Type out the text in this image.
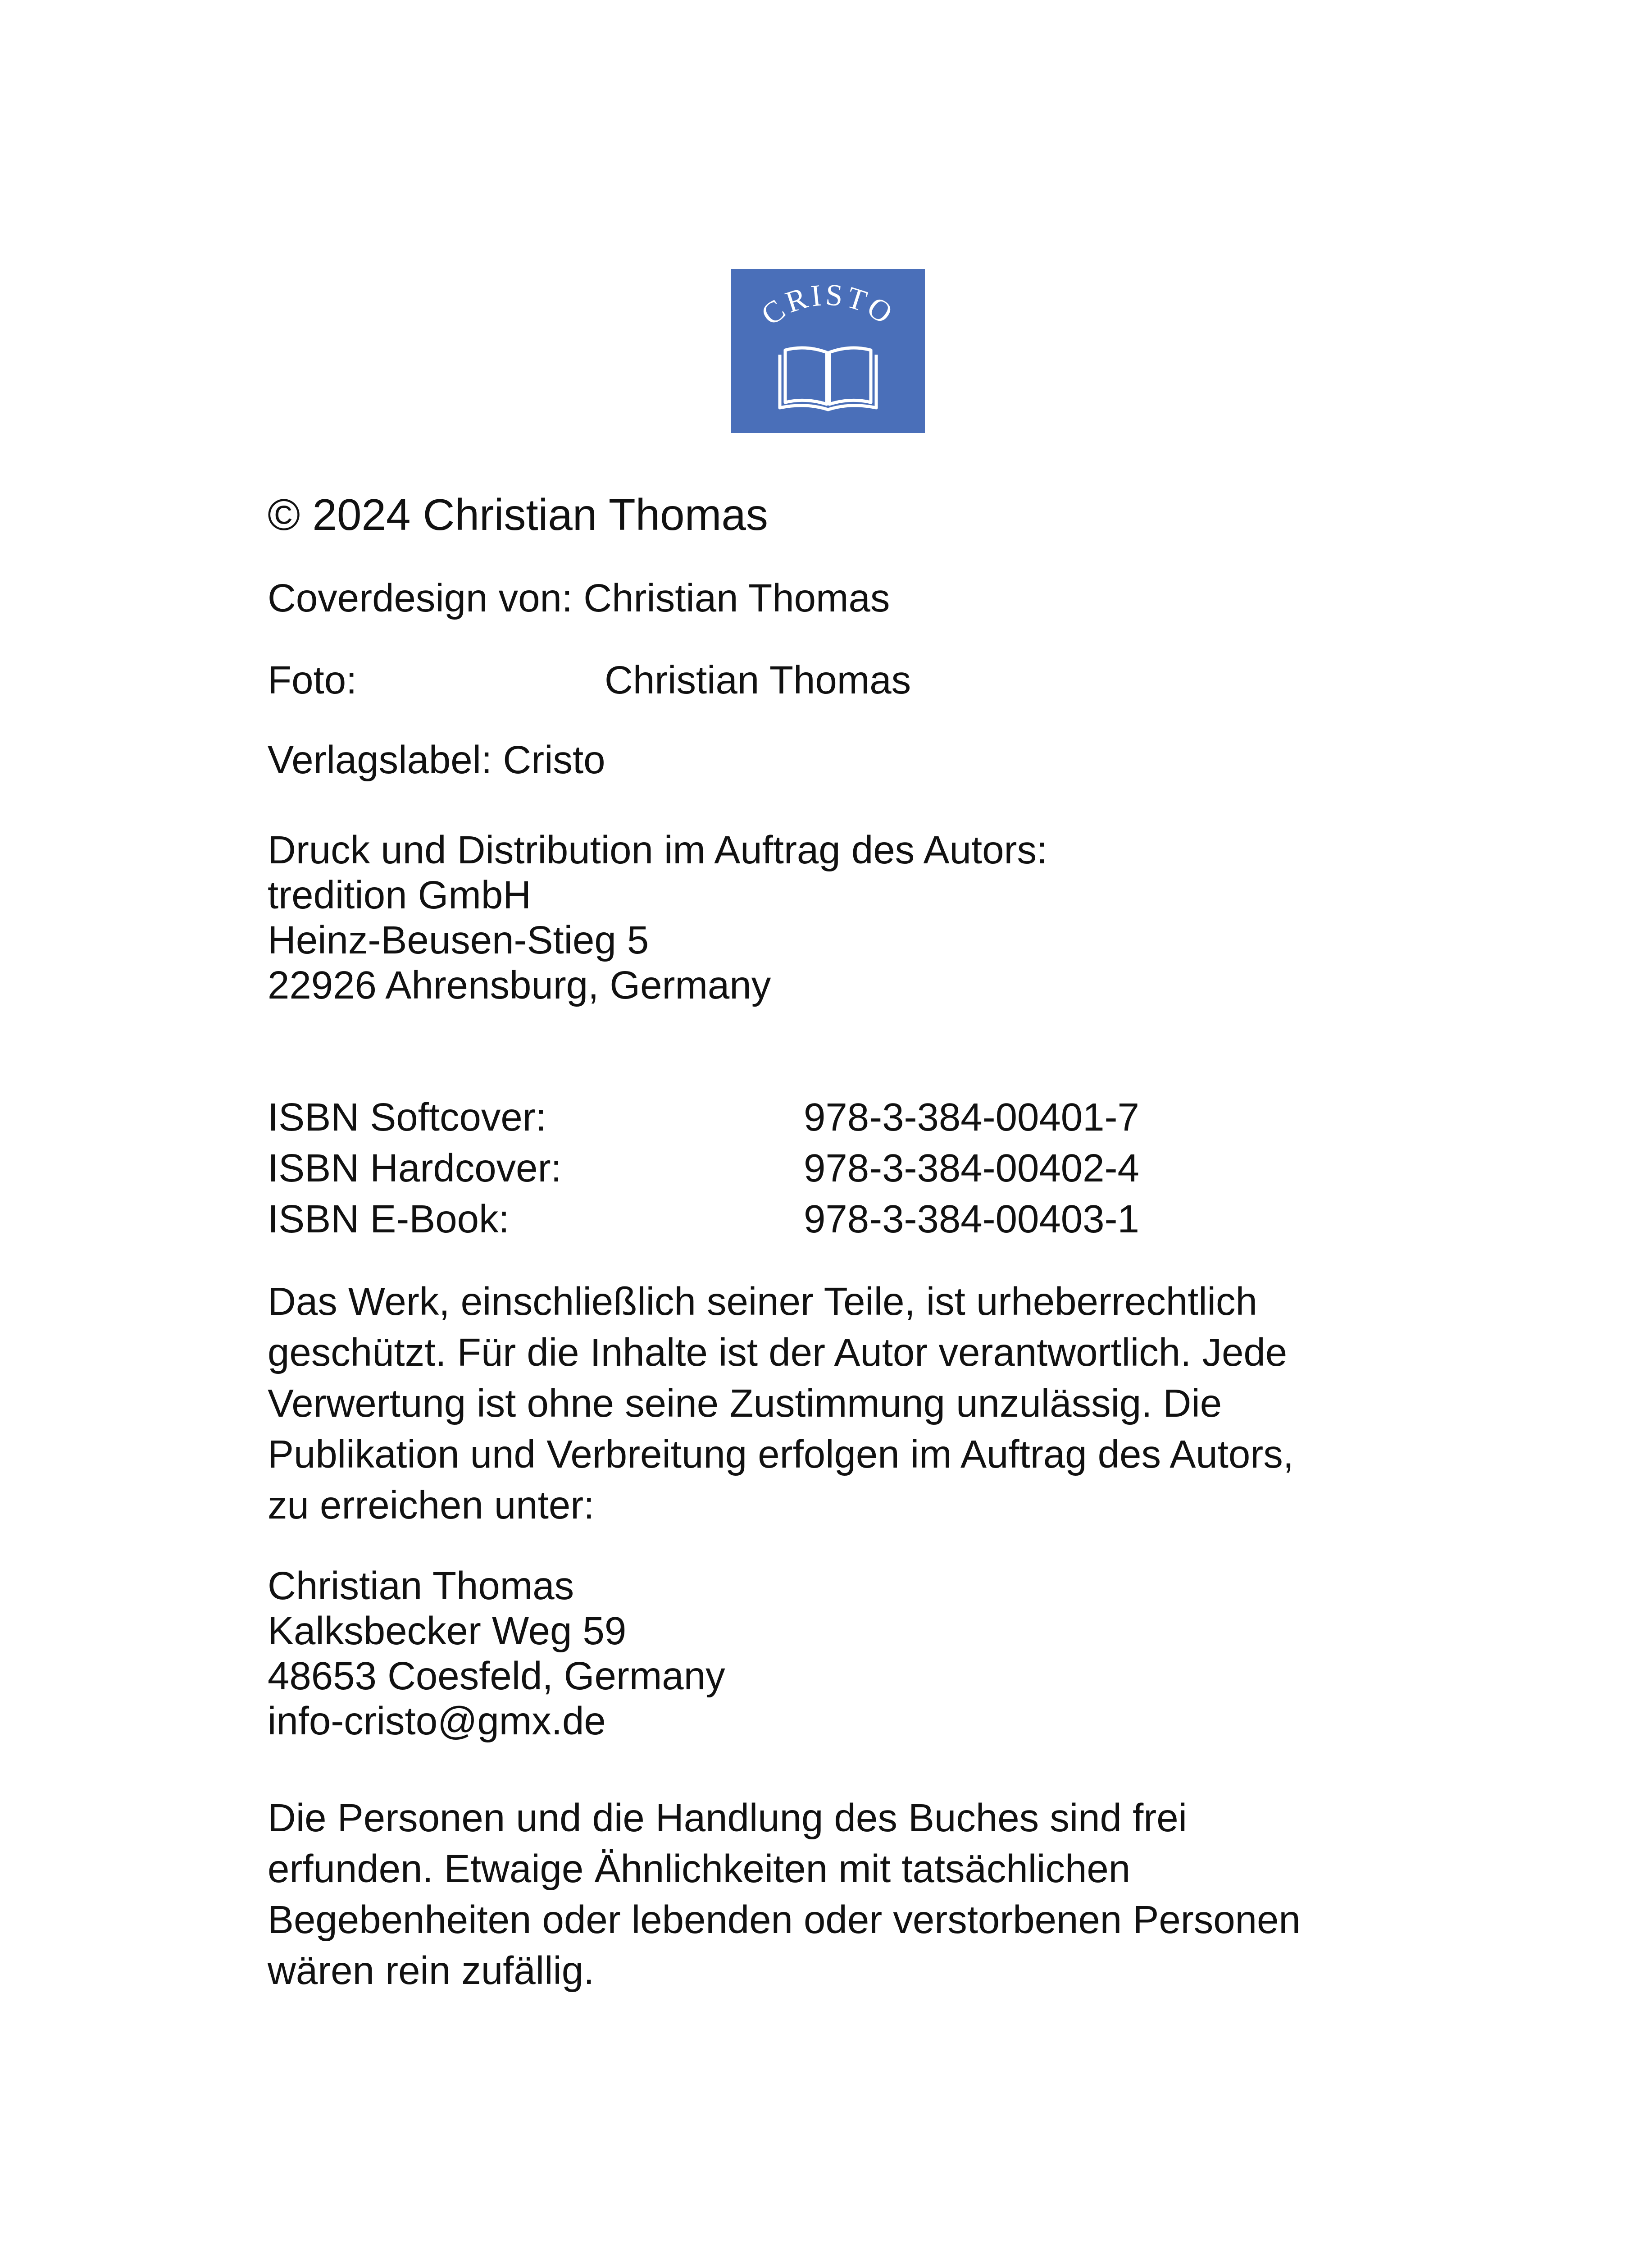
CRISTO

© 2024 Christian Thomas

Coverdesign von: Christian Thomas
Foto:	Christian Thomas
Verlagslabel: Cristo
Druck und Distribution im Auftrag des Autors:
tredition GmbH
Heinz-Beusen-Stieg 5
22926 Ahrensburg, Germany
ISBN Softcover:	978-3-384-00401-7
ISBN Hardcover:	978-3-384-00402-4
ISBN E-Book:	978-3-384-00403-1
Das Werk, einschließlich seiner Teile, ist urheberrechtlich
geschützt. Für die Inhalte ist der Autor verantwortlich. Jede
Verwertung ist ohne seine Zustimmung unzulässig. Die
Publikation und Verbreitung erfolgen im Auftrag des Autors,
zu erreichen unter:
Christian Thomas
Kalksbecker Weg 59
48653 Coesfeld, Germany
info-cristo@gmx.de
Die Personen und die Handlung des Buches sind frei
erfunden. Etwaige Ähnlichkeiten mit tatsächlichen
Begebenheiten oder lebenden oder verstorbenen Personen
wären rein zufällig.
